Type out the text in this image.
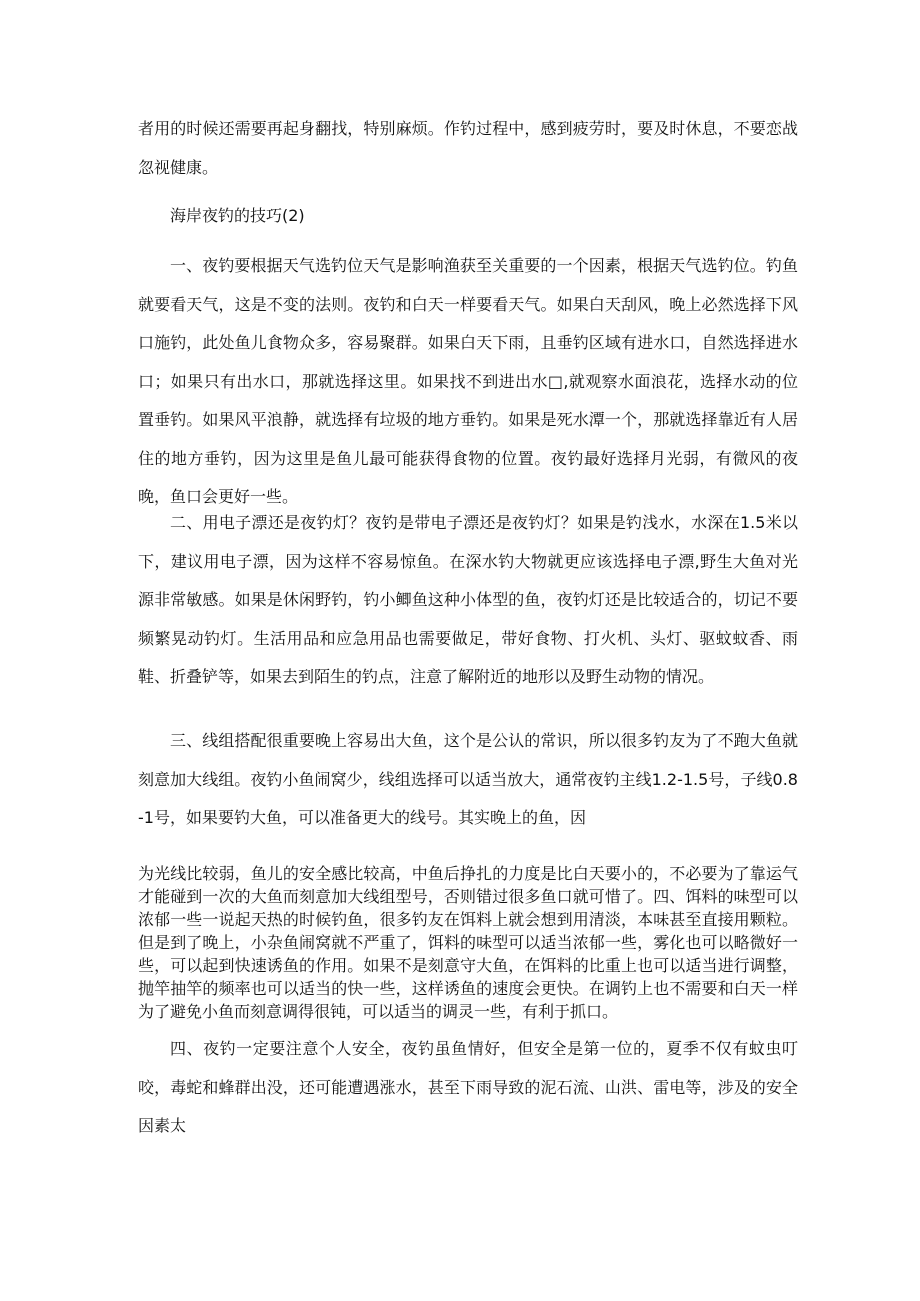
者用的时候还需要再起身翻找，特别麻烦。作钓过程中，感到疲劳时，要及时休息，不要恋战忽视健康。

海岸夜钓的技巧(2)

一、夜钓要根据天气选钓位天气是影响渔获至关重要的一个因素，根据天气选钓位。钓鱼就要看天气，这是不变的法则。夜钓和白天一样要看天气。如果白天刮风，晚上必然选择下风口施钓，此处鱼儿食物众多，容易聚群。如果白天下雨，且垂钓区域有进水口，自然选择进水口；如果只有出水口，那就选择这里。如果找不到进出水□,就观察水面浪花，选择水动的位置垂钓。如果风平浪静，就选择有垃圾的地方垂钓。如果是死水潭一个，那就选择靠近有人居住的地方垂钓，因为这里是鱼儿最可能获得食物的位置。夜钓最好选择月光弱，有微风的夜晚，鱼口会更好一些。

二、用电子漂还是夜钓灯？夜钓是带电子漂还是夜钓灯？如果是钓浅水，水深在1.5米以下，建议用电子漂，因为这样不容易惊鱼。在深水钓大物就更应该选择电子漂,野生大鱼对光源非常敏感。如果是休闲野钓，钓小鲫鱼这种小体型的鱼，夜钓灯还是比较适合的，切记不要频繁晃动钓灯。生活用品和应急用品也需要做足，带好食物、打火机、头灯、驱蚊蚊香、雨鞋、折叠铲等，如果去到陌生的钓点，注意了解附近的地形以及野生动物的情况。

三、线组搭配很重要晚上容易出大鱼，这个是公认的常识，所以很多钓友为了不跑大鱼就刻意加大线组。夜钓小鱼闹窝少，线组选择可以适当放大，通常夜钓主线1.2-1.5号，子线0.8-1号，如果要钓大鱼，可以准备更大的线号。其实晚上的鱼，因

为光线比较弱，鱼儿的安全感比较高，中鱼后挣扎的力度是比白天要小的，不必要为了靠运气才能碰到一次的大鱼而刻意加大线组型号，否则错过很多鱼口就可惜了。四、饵料的味型可以浓郁一些一说起天热的时候钓鱼，很多钓友在饵料上就会想到用清淡，本味甚至直接用颗粒。但是到了晚上，小杂鱼闹窝就不严重了，饵料的味型可以适当浓郁一些，雾化也可以略微好一些，可以起到快速诱鱼的作用。如果不是刻意守大鱼，在饵料的比重上也可以适当进行调整，抛竿抽竿的频率也可以适当的快一些，这样诱鱼的速度会更快。在调钓上也不需要和白天一样为了避免小鱼而刻意调得很钝，可以适当的调灵一些，有利于抓口。

四、夜钓一定要注意个人安全，夜钓虽鱼情好，但安全是第一位的，夏季不仅有蚊虫叮咬，毒蛇和蜂群出没，还可能遭遇涨水，甚至下雨导致的泥石流、山洪、雷电等，涉及的安全因素太
